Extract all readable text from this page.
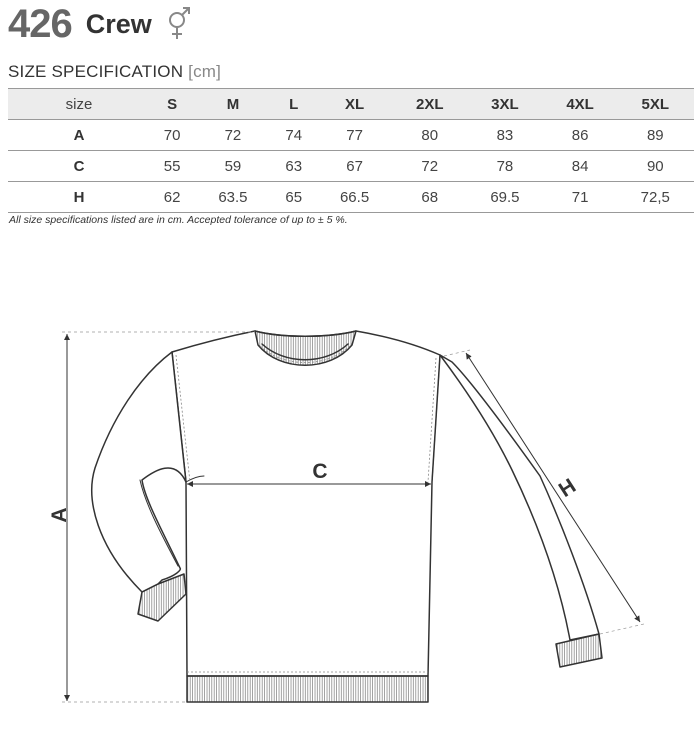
426 Crew
SIZE SPECIFICATION [cm]
size	S	M	L	XL	2XL	3XL	4XL	5XL
A	70	72	74	77	80	83	86	89
C	55	59	63	67	72	78	84	90
H	62	63.5	65	66.5	68	69.5	71	72,5
All size specifications listed are in cm. Accepted tolerance of up to ± 5 %.
A
C
H
